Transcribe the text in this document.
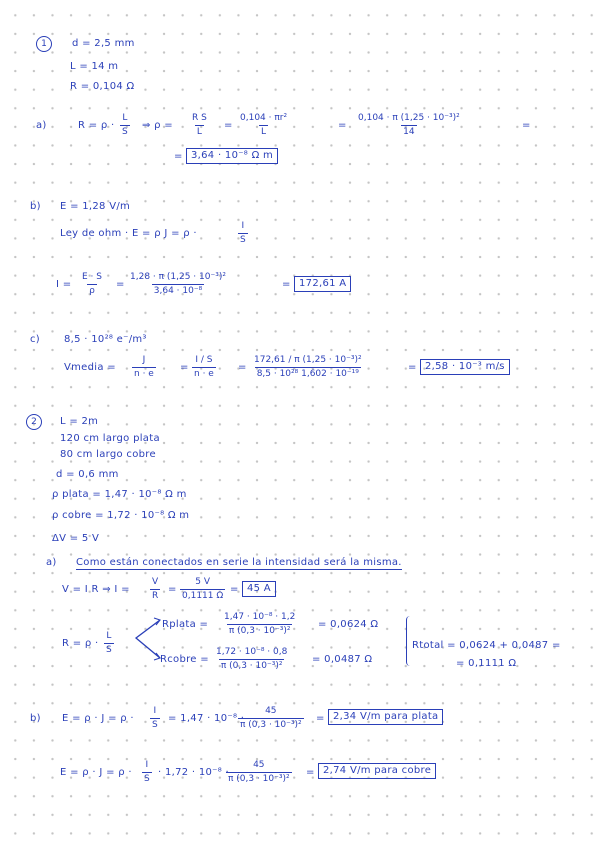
1	d = 2,5 mm
L = 14 m
R = 0,104 Ω
a)	$R = \rho \cdot \frac{L}{S}$ ⇒ $\rho = \frac{\text{R S}}{L} = \frac{\text{0,104 · πr²}}{L}$	= $\frac{\text{0,104 · π (1,25 · 10⁻³)²}}{14}$	=
= 3,64 · 10⁻⁸ Ω m
b) E = 1,28 V/m
Ley de ohm · E = ρ J = ρ ·	$\frac{I}{S}$
$I = \frac{E \cdot S}{\rho} = \frac{\text{1,28 · π (1,25 · 10⁻³)²}}{\text{3,64 · 10⁻⁸}}$	= 172,61 A
c) 8,5 · 10²⁸ e⁻/m³
Vmedia = $\frac{J}{n \cdot e} = \frac{I / S}{n \cdot e} = \frac{\text{172,61 / π (1,25 · 10⁻³)²}}{\text{8,5 · 10²⁸ 1,602 · 10⁻¹⁹}}$	= 2,58 · 10⁻³ m/s
2	L = 2m
120 cm largo plata
80 cm largo cobre
d = 0,6 mm
ρ plata = 1,47 · 10⁻⁸ Ω m
ρ cobre = 1,72 · 10⁻⁸ Ω m
ΔV = 5 V
a) Como están conectados en serie la intensidad será la misma.
V = I R ⇒ $I = \frac{V}{R} = \frac{5 V}{0,1111 \Omega} = 45$ A
$R = \rho \cdot \frac{L}{S}$
Rplata = $\frac{\text{1,47 · 10⁻⁸ · 1,2}}{\text{π (0,3 · 10⁻³)²}} = 0,0624$ Ω
Rcobre = $\frac{\text{1,72 · 10⁻⁸ · 0,8}}{\text{π (0,3 · 10⁻³)²}} = 0,0487$ Ω
Rtotal = 0,0624 + 0,0487 =
= 0,1111 Ω
b) $E = \rho \cdot J = \rho \cdot \frac{I}{S} = 1,47 \cdot 10^{-8}$ ·
$\frac{45}{\text{π (0,3 · 10⁻³)²}} = 2,34$ V/m para plata
$E = \rho \cdot J = \rho \cdot \frac{I}{S} \cdot 1,72 \cdot 10^{-8}$ ·
$\frac{45}{\text{π (0,3 · 10⁻³)²}} = 2,74$ V/m para cobre
